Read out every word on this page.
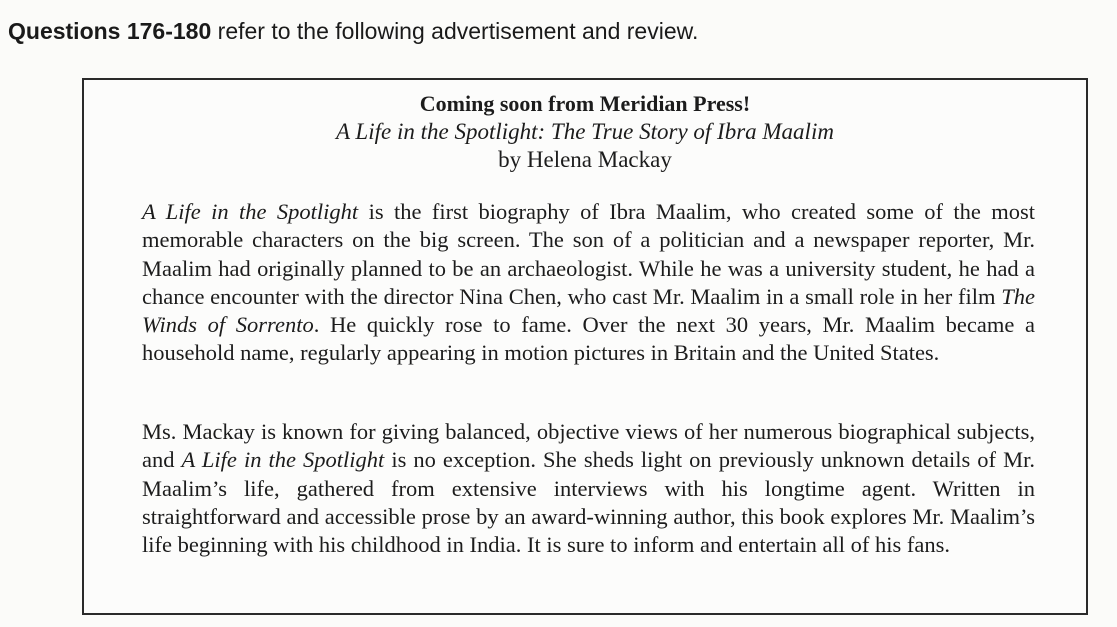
Questions 176-180 refer to the following advertisement and review.
Coming soon from Meridian Press!
A Life in the Spotlight: The True Story of Ibra Maalim
by Helena Mackay

A Life in the Spotlight is the first biography of Ibra Maalim, who created some of the most memorable characters on the big screen. The son of a politician and a newspaper reporter, Mr. Maalim had originally planned to be an archaeologist. While he was a university student, he had a chance encounter with the director Nina Chen, who cast Mr. Maalim in a small role in her film The Winds of Sorrento. He quickly rose to fame. Over the next 30 years, Mr. Maalim became a household name, regularly appearing in motion pictures in Britain and the United States.

Ms. Mackay is known for giving balanced, objective views of her numerous biographical subjects, and A Life in the Spotlight is no exception. She sheds light on previously unknown details of Mr. Maalim’s life, gathered from extensive interviews with his longtime agent. Written in straightforward and accessible prose by an award-winning author, this book explores Mr. Maalim’s life beginning with his childhood in India. It is sure to inform and entertain all of his fans.
